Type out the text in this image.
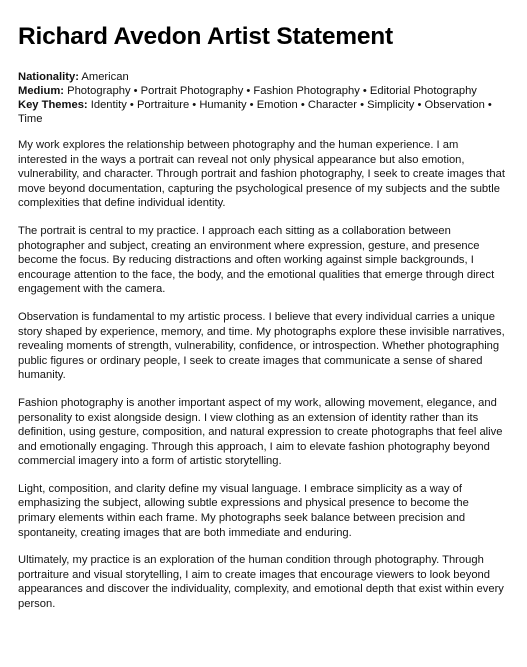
Richard Avedon Artist Statement
Nationality: American
Medium: Photography • Portrait Photography • Fashion Photography • Editorial Photography
Key Themes: Identity • Portraiture • Humanity • Emotion • Character • Simplicity • Observation • Time

My work explores the relationship between photography and the human experience. I am interested in the ways a portrait can reveal not only physical appearance but also emotion, vulnerability, and character. Through portrait and fashion photography, I seek to create images that move beyond documentation, capturing the psychological presence of my subjects and the subtle complexities that define individual identity.

The portrait is central to my practice. I approach each sitting as a collaboration between photographer and subject, creating an environment where expression, gesture, and presence become the focus. By reducing distractions and often working against simple backgrounds, I encourage attention to the face, the body, and the emotional qualities that emerge through direct engagement with the camera.

Observation is fundamental to my artistic process. I believe that every individual carries a unique story shaped by experience, memory, and time. My photographs explore these invisible narratives, revealing moments of strength, vulnerability, confidence, or introspection. Whether photographing public figures or ordinary people, I seek to create images that communicate a sense of shared humanity.

Fashion photography is another important aspect of my work, allowing movement, elegance, and personality to exist alongside design. I view clothing as an extension of identity rather than its definition, using gesture, composition, and natural expression to create photographs that feel alive and emotionally engaging. Through this approach, I aim to elevate fashion photography beyond commercial imagery into a form of artistic storytelling.

Light, composition, and clarity define my visual language. I embrace simplicity as a way of emphasizing the subject, allowing subtle expressions and physical presence to become the primary elements within each frame. My photographs seek balance between precision and spontaneity, creating images that are both immediate and enduring.

Ultimately, my practice is an exploration of the human condition through photography. Through portraiture and visual storytelling, I aim to create images that encourage viewers to look beyond appearances and discover the individuality, complexity, and emotional depth that exist within every person.
